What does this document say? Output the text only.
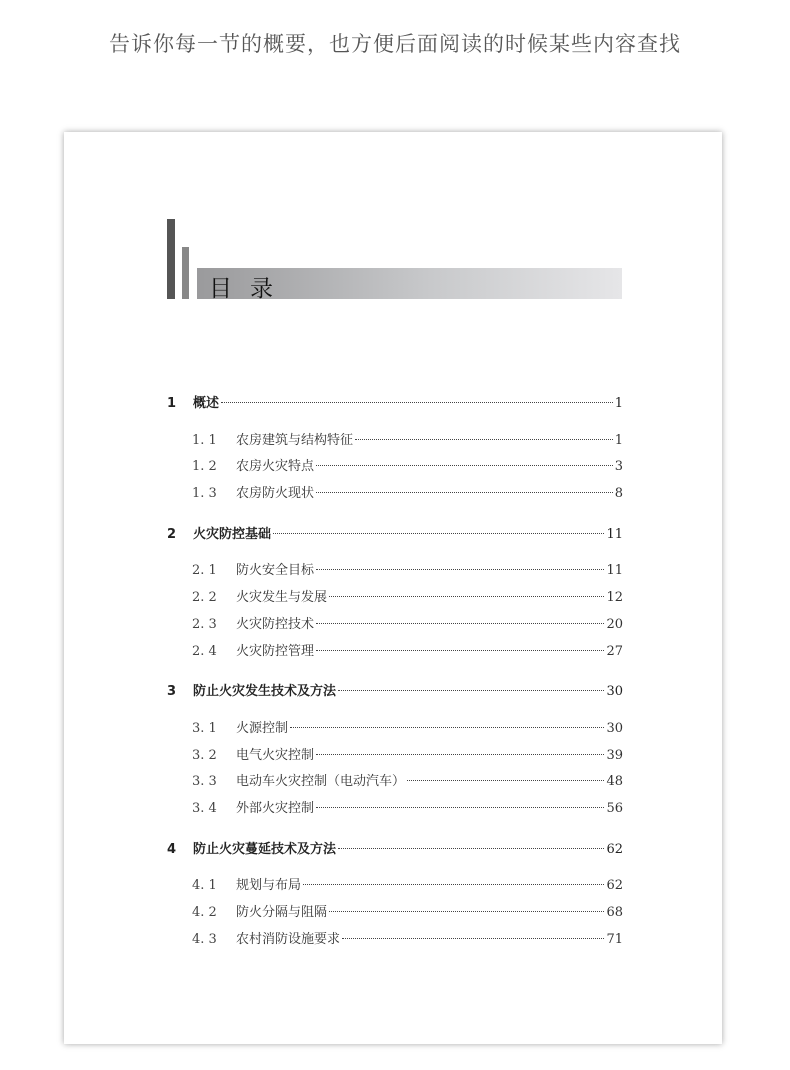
告诉你每一节的概要，也方便后面阅读的时候某些内容查找
目录
1	概述	1
1. 1	农房建筑与结构特征	1
1. 2	农房火灾特点	3
1. 3	农房防火现状	8
2	火灾防控基础	11
2. 1	防火安全目标	11
2. 2	火灾发生与发展	12
2. 3	火灾防控技术	20
2. 4	火灾防控管理	27
3	防止火灾发生技术及方法	30
3. 1	火源控制	30
3. 2	电气火灾控制	39
3. 3	电动车火灾控制（电动汽车）	48
3. 4	外部火灾控制	56
4	防止火灾蔓延技术及方法	62
4. 1	规划与布局	62
4. 2	防火分隔与阻隔	68
4. 3	农村消防设施要求	71
